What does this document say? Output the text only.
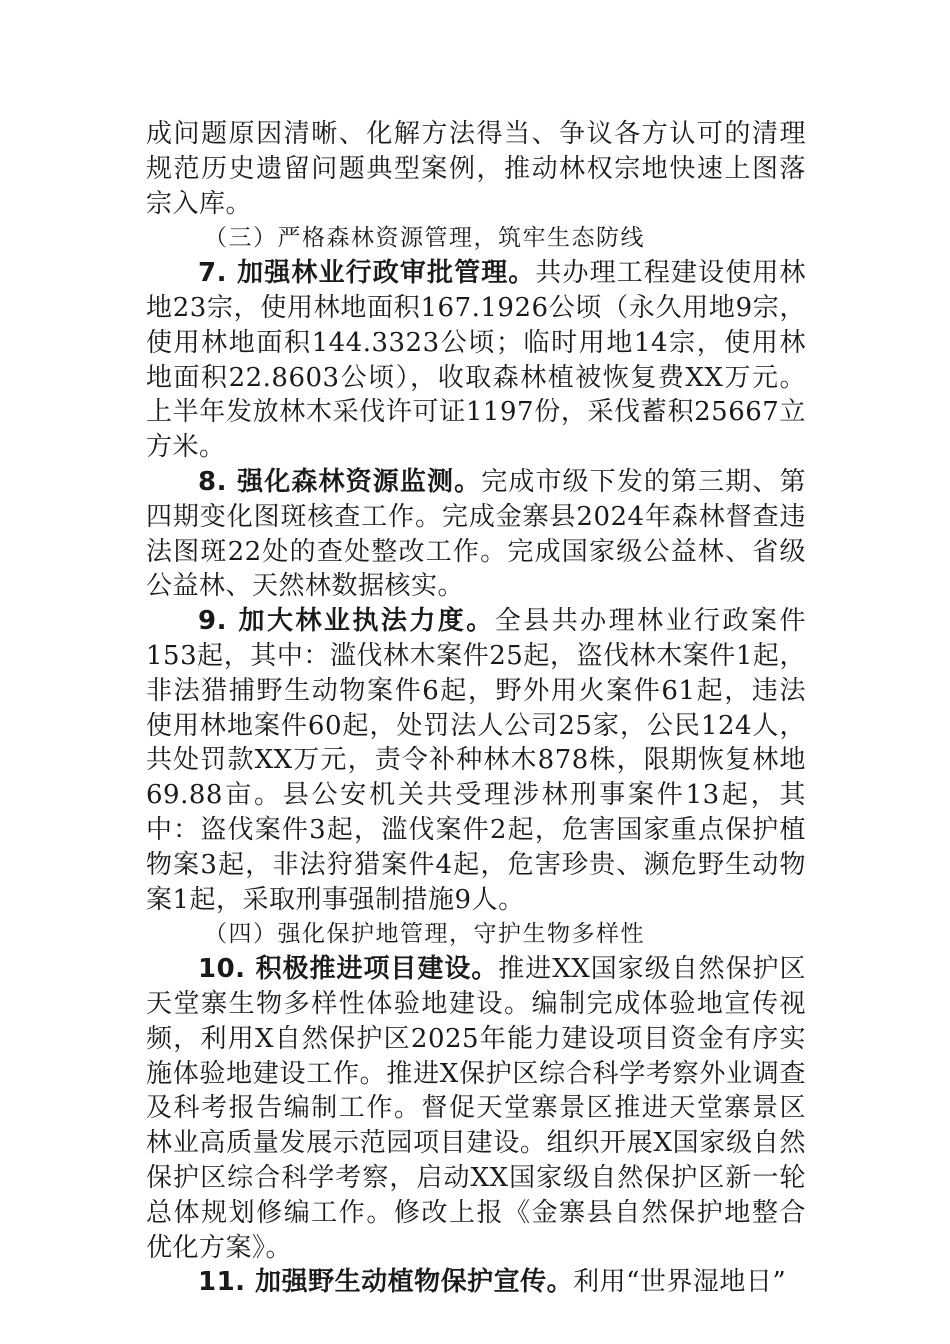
成问题原因清晰、化解方法得当、争议各方认可的清理规范历史遗留问题典型案例，推动林权宗地快速上图落宗入库。

（三）严格森林资源管理，筑牢生态防线

7. 加强林业行政审批管理。共办理工程建设使用林地23宗，使用林地面积167.1926公顷（永久用地9宗，使用林地面积144.3323公顷；临时用地14宗，使用林地面积22.8603公顷），收取森林植被恢复费XX万元。上半年发放林木采伐许可证1197份，采伐蓄积25667立方米。

8. 强化森林资源监测。完成市级下发的第三期、第四期变化图斑核查工作。完成金寨县2024年森林督查违法图斑22处的查处整改工作。完成国家级公益林、省级公益林、天然林数据核实。

9. 加大林业执法力度。全县共办理林业行政案件153起，其中：滥伐林木案件25起，盗伐林木案件1起，非法猎捕野生动物案件6起，野外用火案件61起，违法使用林地案件60起，处罚法人公司25家，公民124人，共处罚款XX万元，责令补种林木878株，限期恢复林地69.88亩。县公安机关共受理涉林刑事案件13起，其中：盗伐案件3起，滥伐案件2起，危害国家重点保护植物案3起，非法狩猎案件4起，危害珍贵、濒危野生动物案1起，采取刑事强制措施9人。

（四）强化保护地管理，守护生物多样性

10. 积极推进项目建设。推进XX国家级自然保护区天堂寨生物多样性体验地建设。编制完成体验地宣传视频，利用X自然保护区2025年能力建设项目资金有序实施体验地建设工作。推进X保护区综合科学考察外业调查及科考报告编制工作。督促天堂寨景区推进天堂寨景区林业高质量发展示范园项目建设。组织开展X国家级自然保护区综合科学考察，启动XX国家级自然保护区新一轮总体规划修编工作。修改上报《金寨县自然保护地整合优化方案》。

11. 加强野生动植物保护宣传。利用“世界湿地日”
